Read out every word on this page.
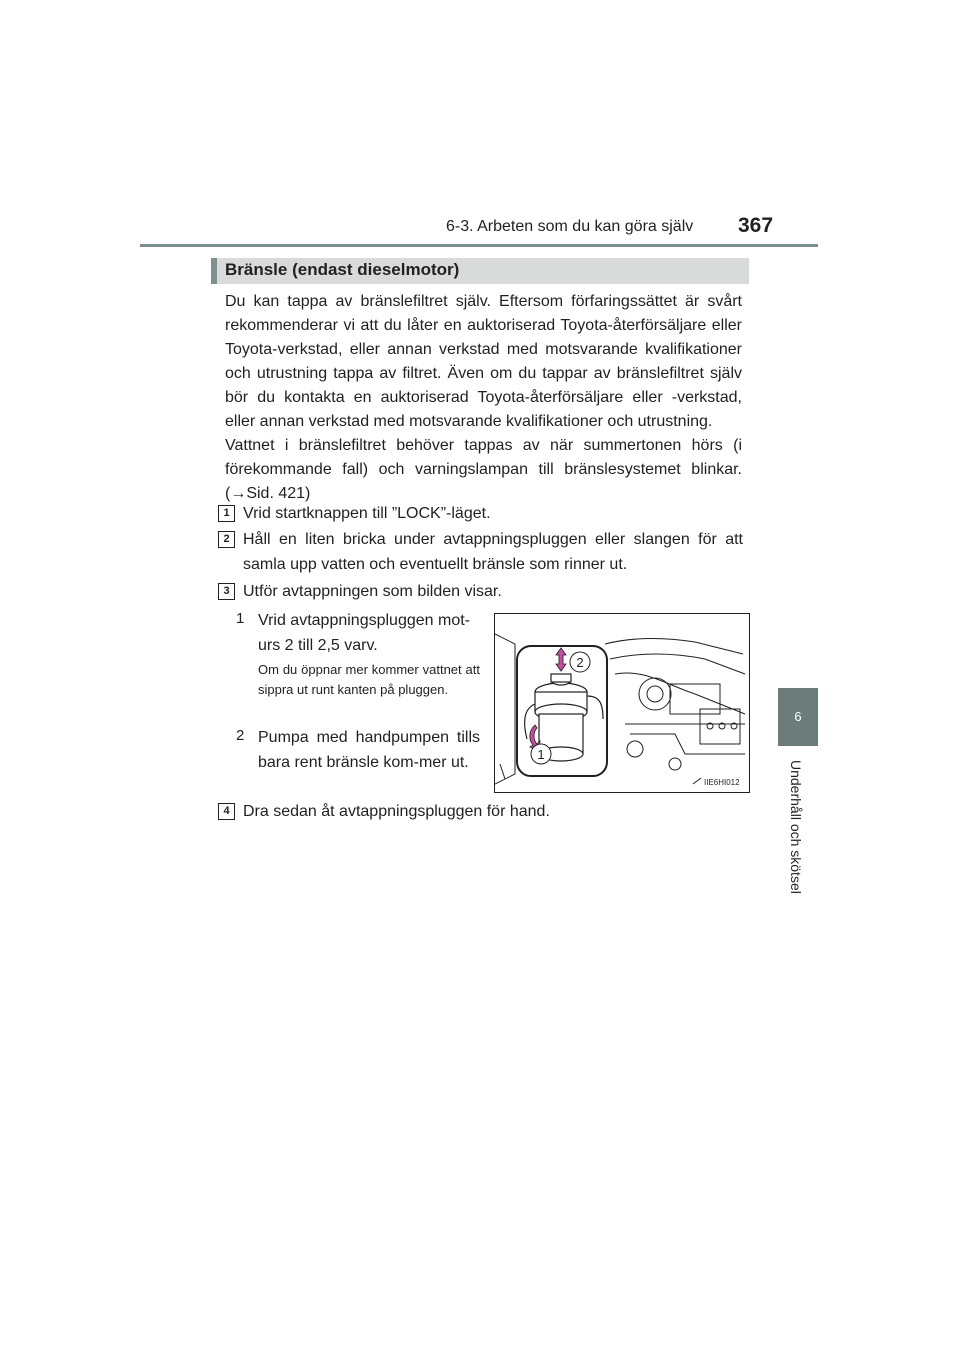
6-3. Arbeten som du kan göra själv 367
6
Underhåll och skötsel
Bränsle (endast dieselmotor)
Du kan tappa av bränslefiltret själv. Eftersom förfaringssättet är svårt rekommenderar vi att du låter en auktoriserad Toyota-återförsäljare eller Toyota-verkstad, eller annan verkstad med motsvarande kvalifikationer och utrustning tappa av filtret. Även om du tappar av bränslefiltret själv bör du kontakta en auktoriserad Toyota-återförsäljare eller -verkstad, eller annan verkstad med motsvarande kvalifikationer och utrustning.
Vattnet i bränslefiltret behöver tappas av när summertonen hörs (i förekommande fall) och varningslampan till bränslesystemet blinkar. (→Sid. 421)
1 Vrid startknappen till ”LOCK”-läget.
2 Håll en liten bricka under avtappningspluggen eller slangen för att samla upp vatten och eventuellt bränsle som rinner ut.
3 Utför avtappningen som bilden visar.
1 Vrid avtappningspluggen mot-urs 2 till 2,5 varv.
Om du öppnar mer kommer vattnet att sippra ut runt kanten på pluggen.
2 Pumpa med handpumpen tills bara rent bränsle kom-mer ut.
4 Dra sedan åt avtappningspluggen för hand.
2
1
IIE6HI012
